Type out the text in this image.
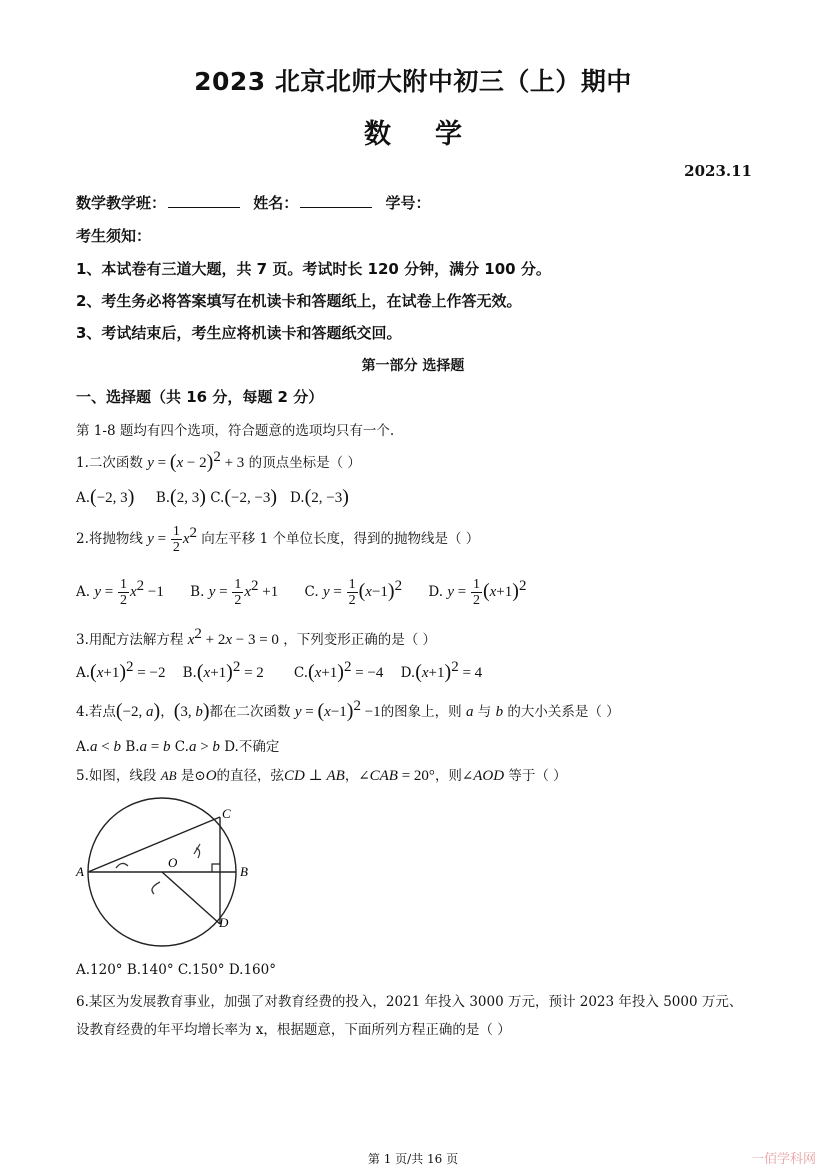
2023 北京北师大附中初三（上）期中
数学
2023.11
数学教学班：	姓名：	学号：
考生须知：
1、本试卷有三道大题，共 7 页。考试时长 120 分钟，满分 100 分。
2、考生务必将答案填写在机读卡和答题纸上，在试卷上作答无效。
3、考试结束后，考生应将机读卡和答题纸交回。
第一部分 选择题
一、选择题（共 16 分，每题 2 分）
第 1-8 题均有四个选项，符合题意的选项均只有一个.
1.二次函数 $y = (x - 2)^2 + 3$ 的顶点坐标是（ ）
A.(−2, 3) B.(2, 3) C.(−2, −3) D.(2, −3)
2.将抛物线 $y = \frac{1}{2} x^2$ 向左平移 1 个单位长度，得到的抛物线是（ ）
A. $y = \frac{1}{2} x^2 -1$ B. $y = \frac{1}{2} x^2 +1$ C. $y = \frac{1}{2} (x-1)^2$ D. $y = \frac{1}{2} (x+1)^2$
3.用配方法解方程 $x^2 + 2x - 3 = 0$ ，下列变形正确的是（ ）
$A.(x+1)^2 = -2$ $B.(x+1)^2 = 2$ $C.(x+1)^2 = -4$ $D.(x+1)^2 = 4$
4.若点(−2, a)，(3, b)都在二次函数 $y = (x-1)^2 -1$的图象上，则 a 与 b 的大小关系是（ ）
A.a < b B.a = b C.a > b D.不确定
5.如图，线段 AB 是⊙O的直径，弦CD ⊥ AB，∠CAB = 20°，则∠AOD 等于（ ）
A	B
C
D
O
A.120° B.140° C.150° D.160°
6.某区为发展教育事业，加强了对教育经费的投入，2021 年投入 3000 万元，预计 2023 年投入 5000 万元、
设教育经费的年平均增长率为 x，根据题意，下面所列方程正确的是（ ）
第 1 页/共 16 页	一佰学科网
